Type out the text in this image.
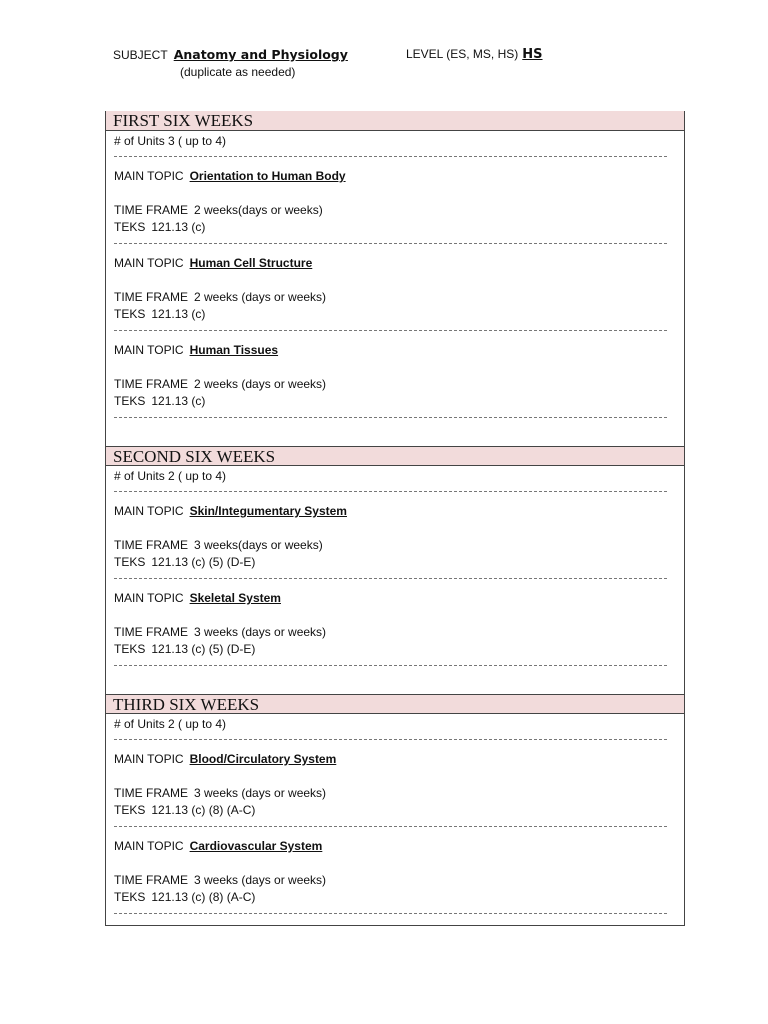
SUBJECT Anatomy and Physiology	LEVEL (ES, MS, HS) HS
(duplicate as needed)
FIRST SIX WEEKS
# of Units 3 ( up to 4)
MAIN TOPIC Orientation to Human Body
TIME FRAME 2 weeks(days or weeks)
TEKS 121.13 (c)
MAIN TOPIC Human Cell Structure
TIME FRAME 2 weeks (days or weeks)
TEKS 121.13 (c)
MAIN TOPIC Human Tissues
TIME FRAME 2 weeks (days or weeks)
TEKS 121.13 (c)
SECOND SIX WEEKS
# of Units 2 ( up to 4)
MAIN TOPIC Skin/Integumentary System
TIME FRAME 3 weeks(days or weeks)
TEKS 121.13 (c) (5) (D-E)
MAIN TOPIC Skeletal System
TIME FRAME 3 weeks (days or weeks)
TEKS 121.13 (c) (5) (D-E)
THIRD SIX WEEKS
# of Units 2 ( up to 4)
MAIN TOPIC Blood/Circulatory System
TIME FRAME 3 weeks (days or weeks)
TEKS 121.13 (c) (8) (A-C)
MAIN TOPIC Cardiovascular System
TIME FRAME 3 weeks (days or weeks)
TEKS 121.13 (c) (8) (A-C)
